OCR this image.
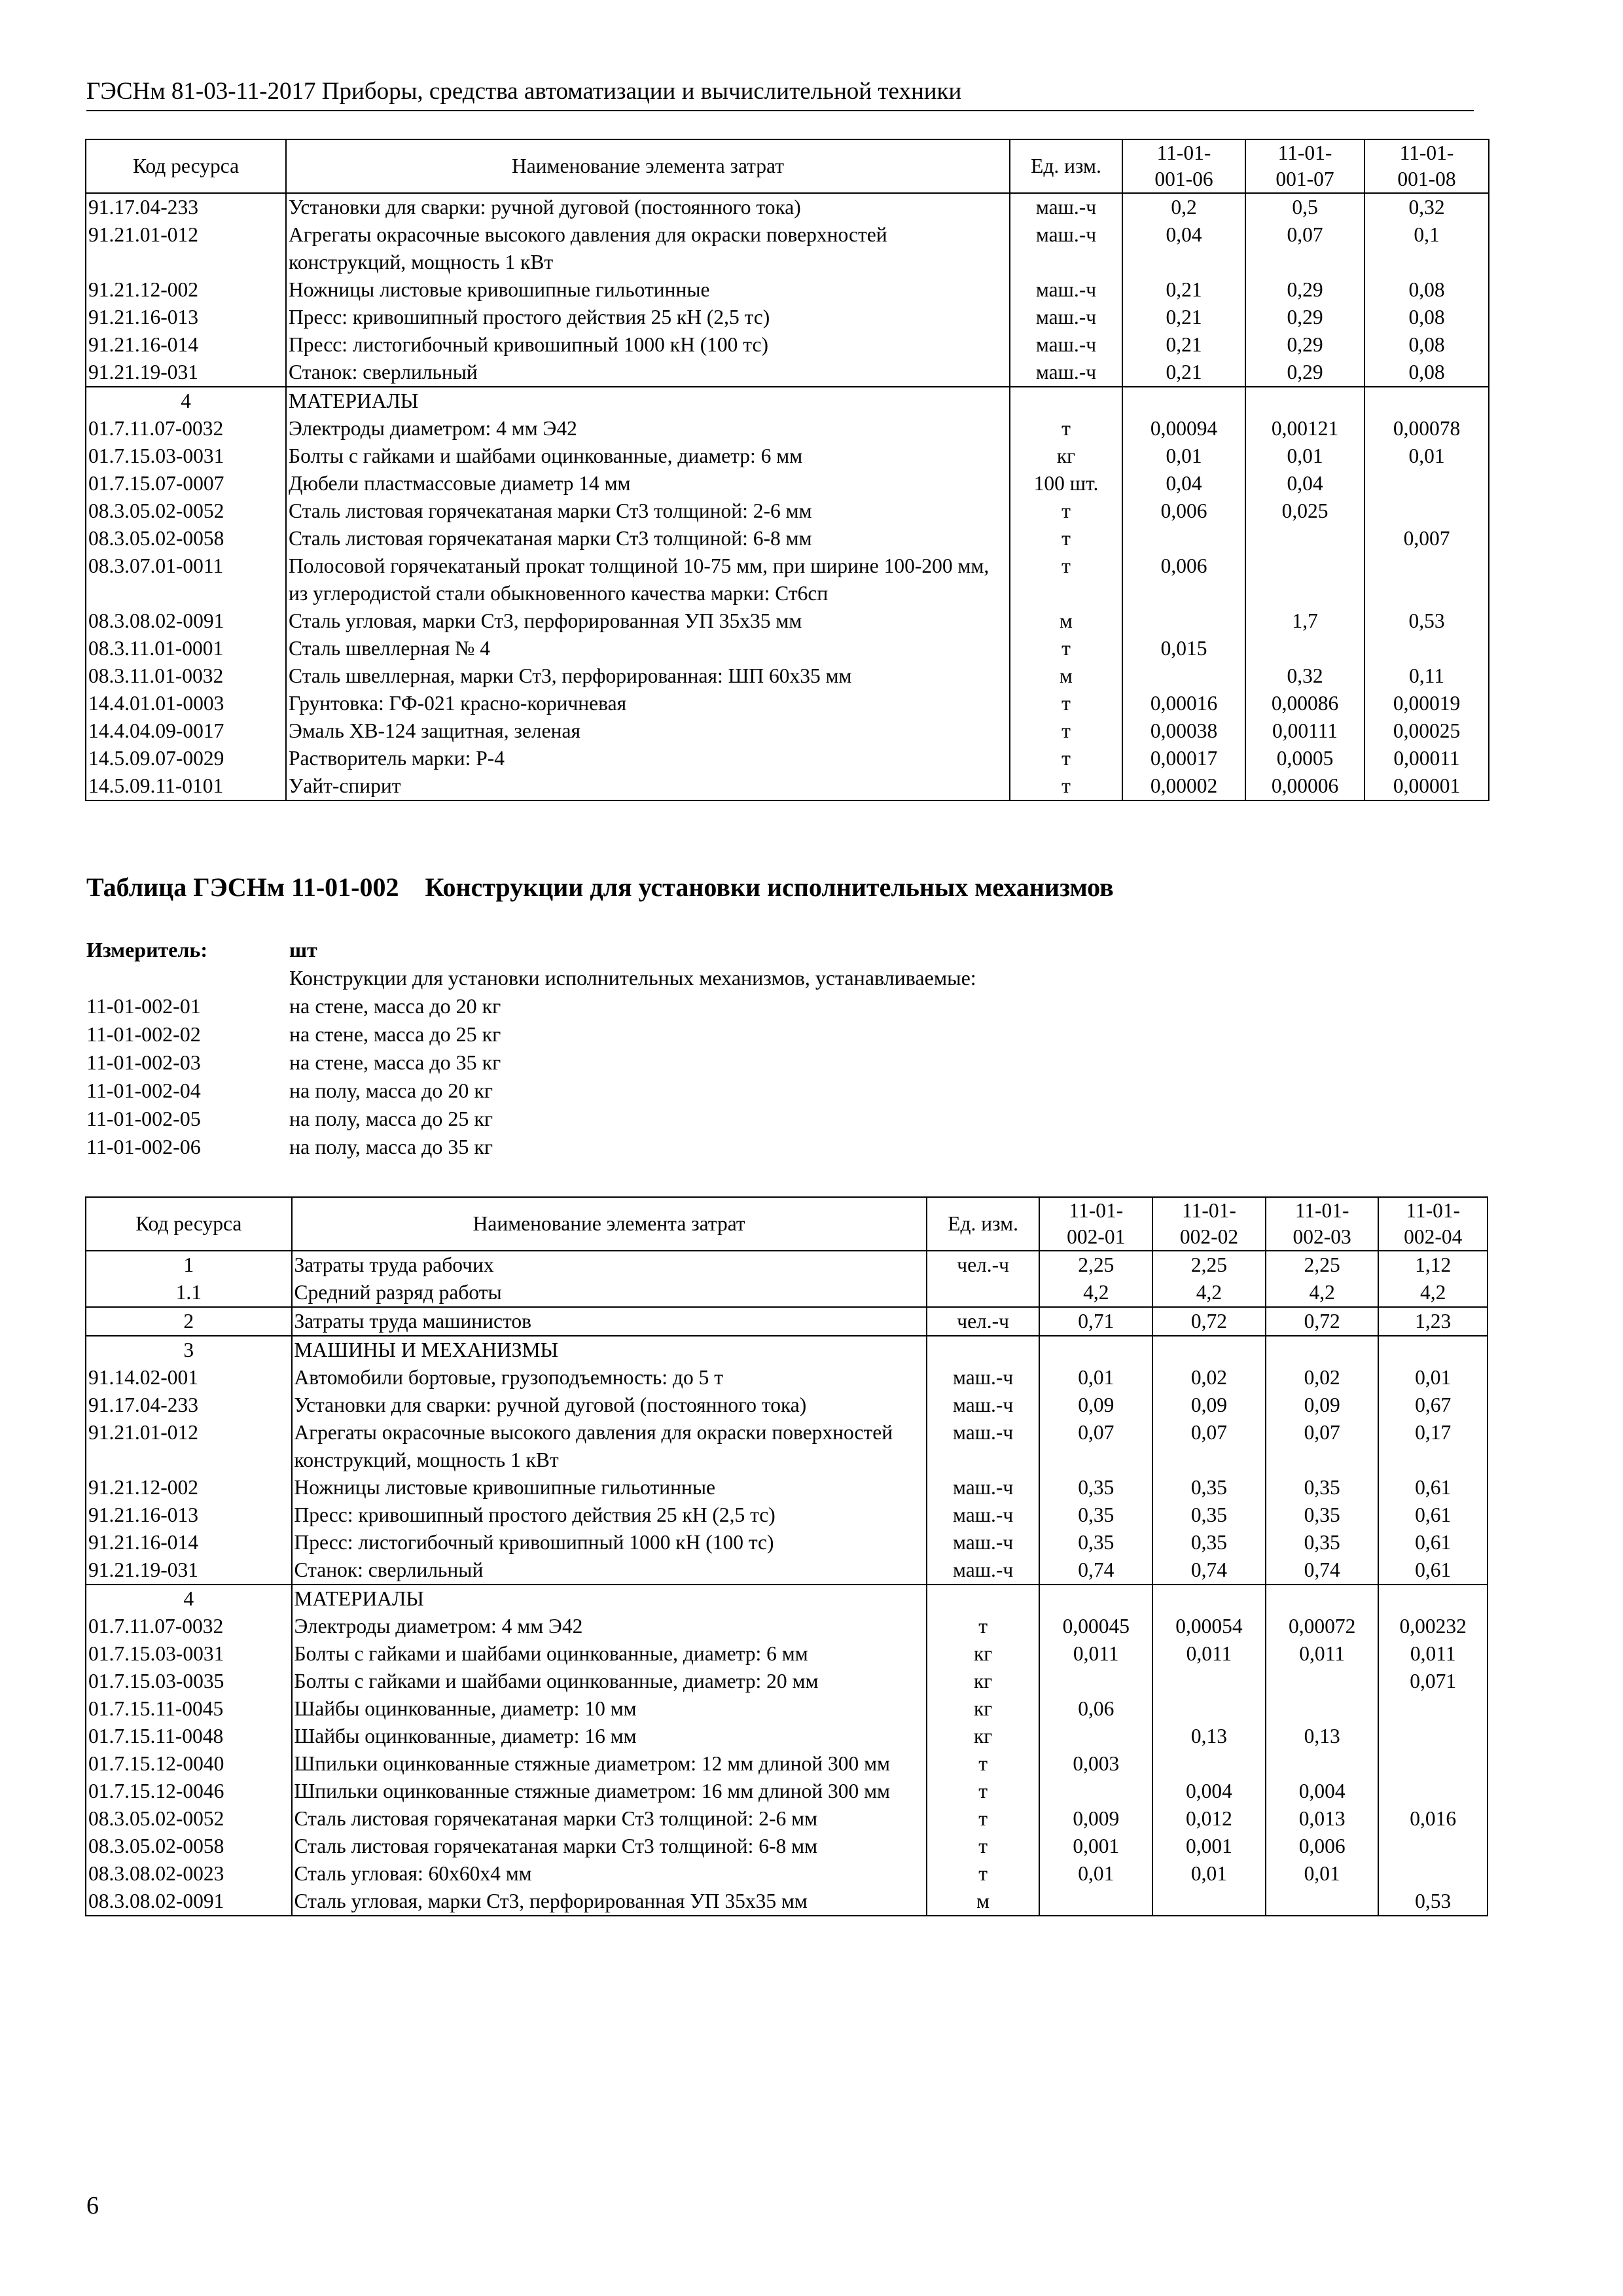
ГЭСНм 81-03-11-2017 Приборы, средства автоматизации и вычислительной техники
Код ресурса	Наименование элемента затрат	Ед. изм.	11-01-
001-06	11-01-
001-07	11-01-
001-08
91.17.04-233	Установки для сварки: ручной дуговой (постоянного тока)	маш.-ч	0,2	0,5	0,32
91.21.01-012	Агрегаты окрасочные высокого давления для окраски поверхностей конструкций, мощность 1 кВт	маш.-ч	0,04	0,07	0,1
91.21.12-002	Ножницы листовые кривошипные гильотинные	маш.-ч	0,21	0,29	0,08
91.21.16-013	Пресс: кривошипный простого действия 25 кН (2,5 тс)	маш.-ч	0,21	0,29	0,08
91.21.16-014	Пресс: листогибочный кривошипный 1000 кН (100 тс)	маш.-ч	0,21	0,29	0,08
91.21.19-031	Станок: сверлильный	маш.-ч	0,21	0,29	0,08
4	МАТЕРИАЛЫ				
01.7.11.07-0032	Электроды диаметром: 4 мм Э42	т	0,00094	0,00121	0,00078
01.7.15.03-0031	Болты с гайками и шайбами оцинкованные, диаметр: 6 мм	кг	0,01	0,01	0,01
01.7.15.07-0007	Дюбели пластмассовые диаметр 14 мм	100 шт.	0,04	0,04	
08.3.05.02-0052	Сталь листовая горячекатаная марки Ст3 толщиной: 2-6 мм	т	0,006	0,025	
08.3.05.02-0058	Сталь листовая горячекатаная марки Ст3 толщиной: 6-8 мм	т			0,007
08.3.07.01-0011	Полосовой горячекатаный прокат толщиной 10-75 мм, при ширине 100-200 мм, из углеродистой стали обыкновенного качества марки: Ст6сп	т	0,006		
08.3.08.02-0091	Сталь угловая, марки Ст3, перфорированная УП 35х35 мм	м		1,7	0,53
08.3.11.01-0001	Сталь швеллерная № 4	т	0,015		
08.3.11.01-0032	Сталь швеллерная, марки Ст3, перфорированная: ШП 60х35 мм	м		0,32	0,11
14.4.01.01-0003	Грунтовка: ГФ-021 красно-коричневая	т	0,00016	0,00086	0,00019
14.4.04.09-0017	Эмаль ХВ-124 защитная, зеленая	т	0,00038	0,00111	0,00025
14.5.09.07-0029	Растворитель марки: Р-4	т	0,00017	0,0005	0,00011
14.5.09.11-0101	Уайт-спирит	т	0,00002	0,00006	0,00001
Таблица ГЭСНм 11-01-002    Конструкции для установки исполнительных механизмов
Измеритель:	шт
Конструкции для установки исполнительных механизмов, устанавливаемые:
11-01-002-01	на стене, масса до 20 кг
11-01-002-02	на стене, масса до 25 кг
11-01-002-03	на стене, масса до 35 кг
11-01-002-04	на полу, масса до 20 кг
11-01-002-05	на полу, масса до 25 кг
11-01-002-06	на полу, масса до 35 кг
Код ресурса	Наименование элемента затрат	Ед. изм.	11-01-
002-01	11-01-
002-02	11-01-
002-03	11-01-
002-04
1	Затраты труда рабочих	чел.-ч	2,25	2,25	2,25	1,12
1.1	Средний разряд работы		4,2	4,2	4,2	4,2
2	Затраты труда машинистов	чел.-ч	0,71	0,72	0,72	1,23
3	МАШИНЫ И МЕХАНИЗМЫ					
91.14.02-001	Автомобили бортовые, грузоподъемность: до 5 т	маш.-ч	0,01	0,02	0,02	0,01
91.17.04-233	Установки для сварки: ручной дуговой (постоянного тока)	маш.-ч	0,09	0,09	0,09	0,67
91.21.01-012	Агрегаты окрасочные высокого давления для окраски поверхностей конструкций, мощность 1 кВт	маш.-ч	0,07	0,07	0,07	0,17
91.21.12-002	Ножницы листовые кривошипные гильотинные	маш.-ч	0,35	0,35	0,35	0,61
91.21.16-013	Пресс: кривошипный простого действия 25 кН (2,5 тс)	маш.-ч	0,35	0,35	0,35	0,61
91.21.16-014	Пресс: листогибочный кривошипный 1000 кН (100 тс)	маш.-ч	0,35	0,35	0,35	0,61
91.21.19-031	Станок: сверлильный	маш.-ч	0,74	0,74	0,74	0,61
4	МАТЕРИАЛЫ					
01.7.11.07-0032	Электроды диаметром: 4 мм Э42	т	0,00045	0,00054	0,00072	0,00232
01.7.15.03-0031	Болты с гайками и шайбами оцинкованные, диаметр: 6 мм	кг	0,011	0,011	0,011	0,011
01.7.15.03-0035	Болты с гайками и шайбами оцинкованные, диаметр: 20 мм	кг				0,071
01.7.15.11-0045	Шайбы оцинкованные, диаметр: 10 мм	кг	0,06			
01.7.15.11-0048	Шайбы оцинкованные, диаметр: 16 мм	кг		0,13	0,13	
01.7.15.12-0040	Шпильки оцинкованные стяжные диаметром: 12 мм длиной 300 мм	т	0,003			
01.7.15.12-0046	Шпильки оцинкованные стяжные диаметром: 16 мм длиной 300 мм	т		0,004	0,004	
08.3.05.02-0052	Сталь листовая горячекатаная марки Ст3 толщиной: 2-6 мм	т	0,009	0,012	0,013	0,016
08.3.05.02-0058	Сталь листовая горячекатаная марки Ст3 толщиной: 6-8 мм	т	0,001	0,001	0,006	
08.3.08.02-0023	Сталь угловая: 60х60х4 мм	т	0,01	0,01	0,01	
08.3.08.02-0091	Сталь угловая, марки Ст3, перфорированная УП 35х35 мм	м				0,53
6
